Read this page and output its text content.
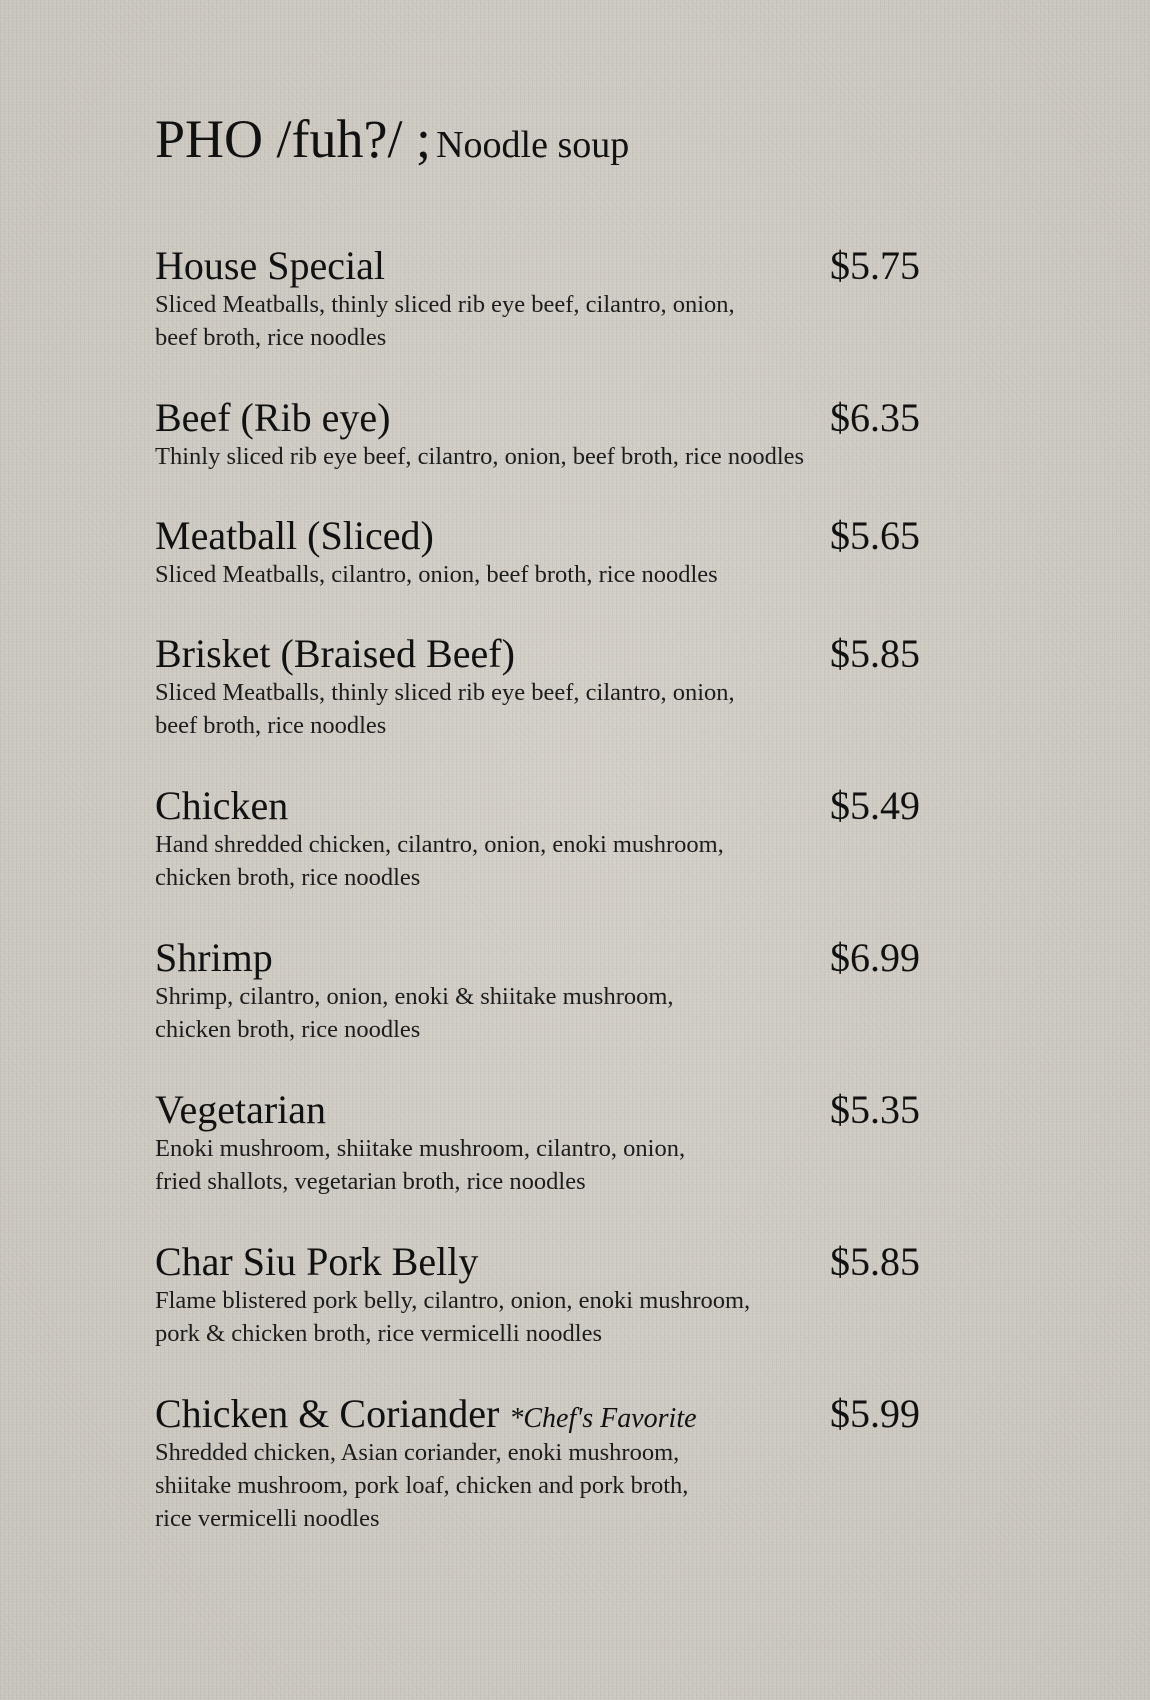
PHO /fuh?/ ; Noodle soup
House Special	$5.75
Sliced Meatballs, thinly sliced rib eye beef, cilantro, onion,
beef broth, rice noodles
Beef (Rib eye)	$6.35
Thinly sliced rib eye beef, cilantro, onion, beef broth, rice noodles
Meatball (Sliced)	$5.65
Sliced Meatballs, cilantro, onion, beef broth, rice noodles
Brisket (Braised Beef)	$5.85
Sliced Meatballs, thinly sliced rib eye beef, cilantro, onion,
beef broth, rice noodles
Chicken	$5.49
Hand shredded chicken, cilantro, onion, enoki mushroom,
chicken broth, rice noodles
Shrimp	$6.99
Shrimp, cilantro, onion, enoki & shiitake mushroom,
chicken broth, rice noodles
Vegetarian	$5.35
Enoki mushroom, shiitake mushroom, cilantro, onion,
fried shallots, vegetarian broth, rice noodles
Char Siu Pork Belly	$5.85
Flame blistered pork belly, cilantro, onion, enoki mushroom,
pork & chicken broth, rice vermicelli noodles
Chicken & Coriander *Chef's Favorite	$5.99
Shredded chicken, Asian coriander, enoki mushroom,
shiitake mushroom, pork loaf, chicken and pork broth,
rice vermicelli noodles
